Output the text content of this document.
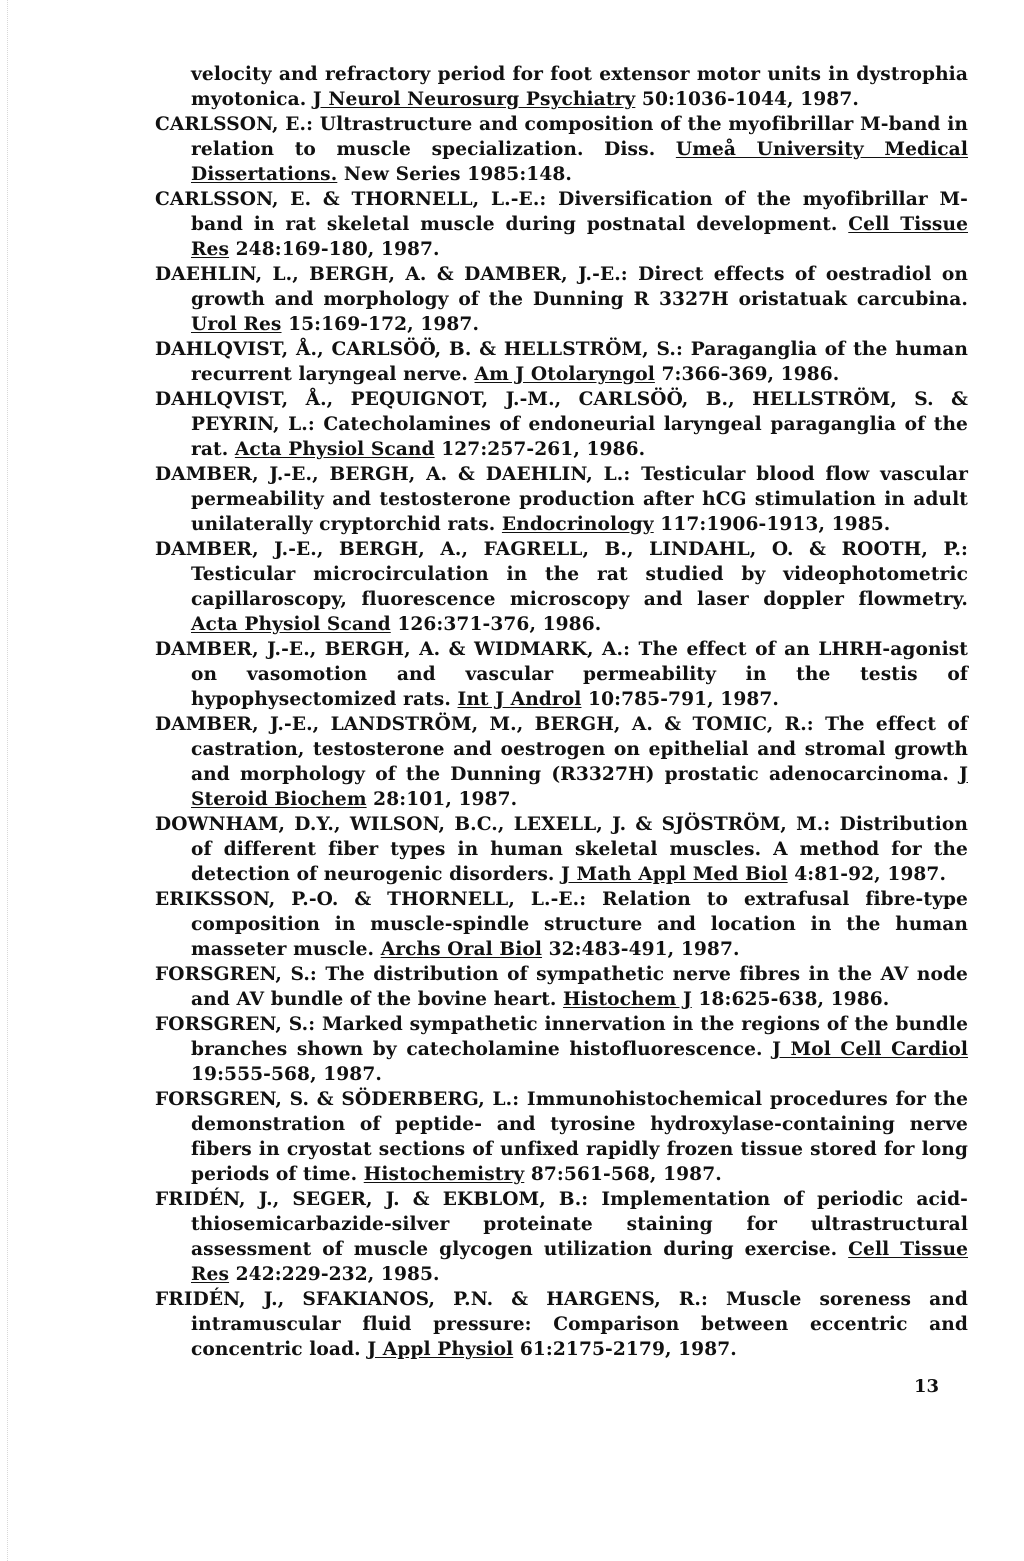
velocity and refractory period for foot extensor motor units in dystrophia myotonica. J Neurol Neurosurg Psychiatry 50:1036-1044, 1987.

CARLSSON, E.: Ultrastructure and composition of the myofibrillar M-band in relation to muscle specialization. Diss. Umeå University Medical Dissertations. New Series 1985:148.

CARLSSON, E. & THORNELL, L.-E.: Diversification of the myofibrillar M-band in rat skeletal muscle during postnatal development. Cell Tissue Res 248:169-180, 1987.

DAEHLIN, L., BERGH, A. & DAMBER, J.-E.: Direct effects of oestradiol on growth and morphology of the Dunning R 3327H oristatuak carcubina. Urol Res 15:169-172, 1987.

DAHLQVIST, Å., CARLSÖÖ, B. & HELLSTRÖM, S.: Paraganglia of the human recurrent laryngeal nerve. Am J Otolaryngol 7:366-369, 1986.

DAHLQVIST, Å., PEQUIGNOT, J.-M., CARLSÖÖ, B., HELLSTRÖM, S. & PEYRIN, L.: Catecholamines of endoneurial laryngeal paraganglia of the rat. Acta Physiol Scand 127:257-261, 1986.

DAMBER, J.-E., BERGH, A. & DAEHLIN, L.: Testicular blood flow vascular permeability and testosterone production after hCG stimulation in adult unilaterally cryptorchid rats. Endocrinology 117:1906-1913, 1985.

DAMBER, J.-E., BERGH, A., FAGRELL, B., LINDAHL, O. & ROOTH, P.: Testicular microcirculation in the rat studied by videophotometric capillaroscopy, fluorescence microscopy and laser doppler flowmetry. Acta Physiol Scand 126:371-376, 1986.

DAMBER, J.-E., BERGH, A. & WIDMARK, A.: The effect of an LHRH-agonist on vasomotion and vascular permeability in the testis of hypophysectomized rats. Int J Androl 10:785-791, 1987.

DAMBER, J.-E., LANDSTRÖM, M., BERGH, A. & TOMIC, R.: The effect of castration, testosterone and oestrogen on epithelial and stromal growth and morphology of the Dunning (R3327H) prostatic adenocarcinoma. J Steroid Biochem 28:101, 1987.

DOWNHAM, D.Y., WILSON, B.C., LEXELL, J. & SJÖSTRÖM, M.: Distribution of different fiber types in human skeletal muscles. A method for the detection of neurogenic disorders. J Math Appl Med Biol 4:81-92, 1987.

ERIKSSON, P.-O. & THORNELL, L.-E.: Relation to extrafusal fibre-type composition in muscle-spindle structure and location in the human masseter muscle. Archs Oral Biol 32:483-491, 1987.

FORSGREN, S.: The distribution of sympathetic nerve fibres in the AV node and AV bundle of the bovine heart. Histochem J 18:625-638, 1986.

FORSGREN, S.: Marked sympathetic innervation in the regions of the bundle branches shown by catecholamine histofluorescence. J Mol Cell Cardiol 19:555-568, 1987.

FORSGREN, S. & SÖDERBERG, L.: Immunohistochemical procedures for the demonstration of peptide- and tyrosine hydroxylase-containing nerve fibers in cryostat sections of unfixed rapidly frozen tissue stored for long periods of time. Histochemistry 87:561-568, 1987.

FRIDÉN, J., SEGER, J. & EKBLOM, B.: Implementation of periodic acid-thiosemicarbazide-silver proteinate staining for ultrastructural assessment of muscle glycogen utilization during exercise. Cell Tissue Res 242:229-232, 1985.

FRIDÉN, J., SFAKIANOS, P.N. & HARGENS, R.: Muscle soreness and intramuscular fluid pressure: Comparison between eccentric and concentric load. J Appl Physiol 61:2175-2179, 1987.

13
